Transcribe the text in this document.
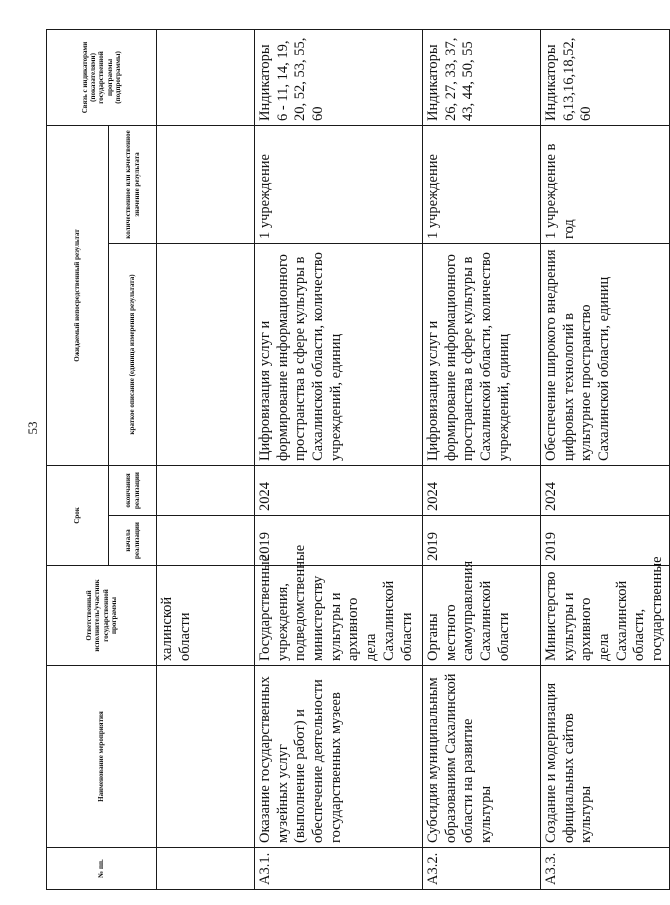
53
№ пп.	Наименование мероприятия	Ответственный исполнитель/участник государственной программы	Срок		Ожидаемый непосредственный результат		Связь с индикаторами (показателями) государственной программы (подпрограммы)
			начала реализации	окончания реализации	краткое описание (единица измерения результата)	количественное или качественное значение результата	
		халинской области					
А3.1.	Оказание государственных музейных услуг (выполнение работ) и обеспечение деятельности государственных музеев	Государственные учреждения, подведомственные министерству культуры и архивного дела Сахалинской области	2019	2024	Цифровизация услуг и формирование информационного пространства в сфере культуры в Сахалинской области, количество учреждений, единиц	1 учреждение	Индикаторы 6 - 11, 14, 19, 20, 52, 53, 55, 60
А3.2.	Субсидия муниципальным образованиям Сахалинской области на развитие культуры	Органы местного самоуправления Сахалинской области	2019	2024	Цифровизация услуг и формирование информационного пространства в сфере культуры в Сахалинской области, количество учреждений, единиц	1 учреждение	Индикаторы 26, 27, 33, 37, 43, 44, 50, 55
А3.3.	Создание и модернизация официальных сайтов культуры	Министерство культуры и архивного дела Сахалинской области, государственные	2019	2024	Обеспечение широкого внедрения цифровых технологий в культурное пространство Сахалинской области, единиц	1 учреждение в год	Индикаторы 6,13,16,18,52, 60
